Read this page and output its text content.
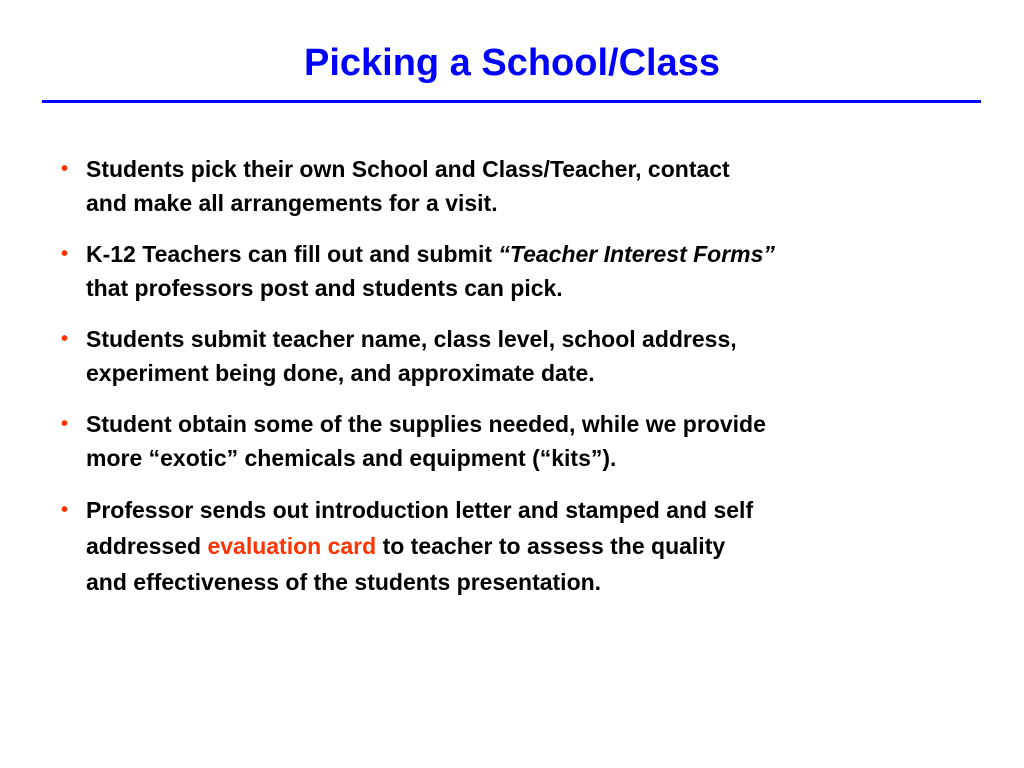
Picking a School/Class
• Students pick their own School and Class/Teacher, contact
and make all arrangements for a visit.
• K-12 Teachers can fill out and submit “Teacher Interest Forms”
that professors post and students can pick.
• Students submit teacher name, class level, school address,
experiment being done, and approximate date.
• Student obtain some of the supplies needed, while we provide
more “exotic” chemicals and equipment (“kits”).
• Professor sends out introduction letter and stamped and self
addressed evaluation card to teacher to assess the quality
and effectiveness of the students presentation.
